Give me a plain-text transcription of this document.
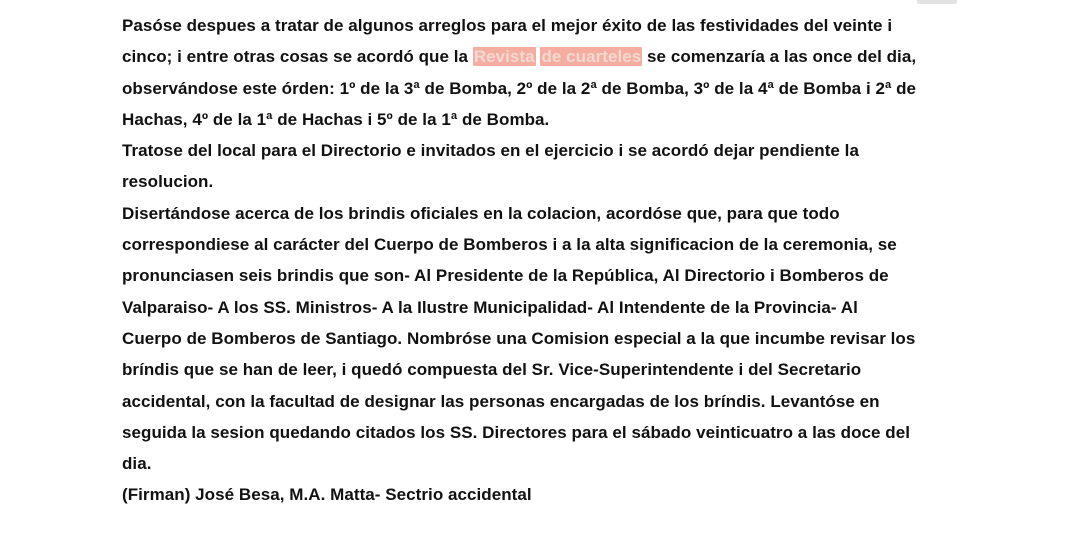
Pasóse despues a tratar de algunos arreglos para el mejor éxito de las festividades del veinte i
cinco; i entre otras cosas se acordó que la Revista de cuarteles se comenzaría a las once del dia,
observándose este órden: 1º de la 3ª de Bomba, 2º de la 2ª de Bomba, 3º de la 4ª de Bomba i 2ª de
Hachas, 4º de la 1ª de Hachas i 5º de la 1ª de Bomba.
Tratose del local para el Directorio e invitados en el ejercicio i se acordó dejar pendiente la
resolucion.
Disertándose acerca de los brindis oficiales en la colacion, acordóse que, para que todo
correspondiese al carácter del Cuerpo de Bomberos i a la alta significacion de la ceremonia, se
pronunciasen seis brindis que son- Al Presidente de la República, Al Directorio i Bomberos de
Valparaiso- A los SS. Ministros- A la Ilustre Municipalidad- Al Intendente de la Provincia- Al
Cuerpo de Bomberos de Santiago. Nombróse una Comision especial a la que incumbe revisar los
bríndis que se han de leer, i quedó compuesta del Sr. Vice-Superintendente i del Secretario
accidental, con la facultad de designar las personas encargadas de los bríndis. Levantóse en
seguida la sesion quedando citados los SS. Directores para el sábado veinticuatro a las doce del
dia.
(Firman) José Besa, M.A. Matta- Sectrio accidental
